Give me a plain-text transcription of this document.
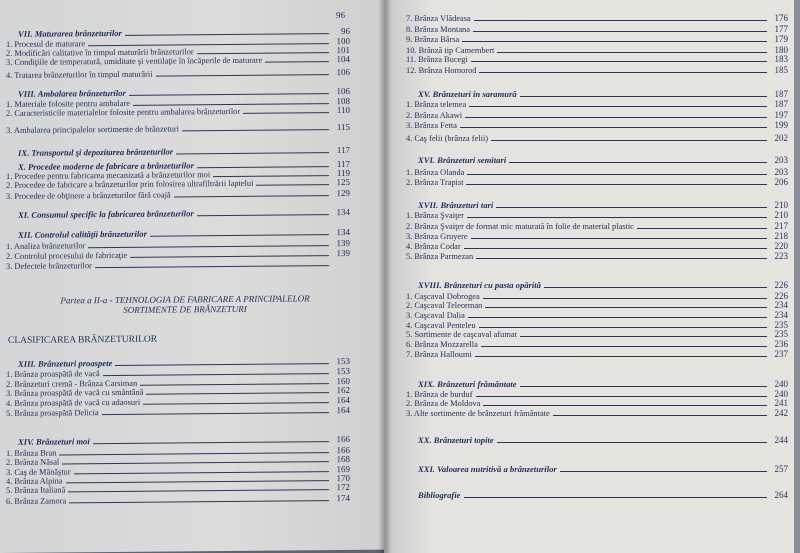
96
VII. Maturarea brânzeturilor	96
1. Procesul de maturare	100
2. Modificări calitative în timpul maturării brânzeturilor	101
3. Condiţiile de temperatură, umiditate şi ventilaţie în încăperile de maturare	104
4. Tratarea brânzeturilor în timpul maturării	106
VIII. Ambalarea brânzeturilor	106
1. Materiale folosite pentru ambalare	108
2. Caracteristicile materialelor folosite pentru ambalarea brânzeturilor	110
3. Ambalarea principalelor sortimente de brânzeturi	115
IX. Transportul şi depozitarea brânzeturilor	117
X. Procedee moderne de fabricare a brânzeturilor	117
1. Procedee pentru fabricarea mecanizată a brânzeturilor moi	119
2. Procedee de fabricare a brânzeturilor prin folosirea ultrafiltrării laptelui	125
3. Procedee de obţinere a brânzeturilor fără coajă	129
XI. Consumul specific la fabricarea brânzeturilor	134
XII. Controlul calităţii brânzeturilor	134
1. Analiza brânzeturilor	139
2. Controlul procesului de fabricaţie	139
3. Defectele brânzeturilor
XIII. Brânzeturi proaspete	153
1. Brânza proaspătă de vacă	153
2. Brânzeturi cremă - Brânza Carsiman	160
3. Brânza proaspătă de vacă cu smântână	162
4. Brânza proaspătă de vacă cu adaosuri	164
5. Brânza proaspătă Delicia	164
XIV. Brânzeturi moi	166
1. Brânza Bran	166
2. Brânza Năsal	168
3. Caş de Mânăştur	169
4. Brânza Alpina	170
5. Brânza Italiană	172
6. Brânza Zamora	174
Partea a II-a - TEHNOLOGIA DE FABRICARE A PRINCIPALELOR
SORTIMENTE DE BRÂNZETURI
CLASIFICAREA BRÂNZETURILOR
7. Brânza Vlădeasa	176
8. Brânza Montana	177
9. Brânza Bârsa	179
10. Brânză tip Camembert	180
11. Brânza Bucegi	183
12. Brânza Homorod	185
XV. Brânzeturi în saramură	187
1. Brânza telemea	187
2. Brânza Akawi	197
3. Brânza Fetta	199
4. Caş felii (brânza felii)	202
XVI. Brânzeturi semitari	203
1. Brânza Olanda	203
2. Brânza Trapist	206
XVII. Brânzeturi tari	210
1. Brânza Şvaiţer	210
2. Brânza Şvaiţer de format mic maturată în folie de material plastic	217
3. Brânza Gruyere	218
4. Brânza Codar	220
5. Brânza Parmezan	223
XVIII. Brânzeturi cu pasta opărită	226
1. Caşcaval Dobrogea	226
2. Caşcaval Teleorman	234
3. Caşcaval Dalia	234
4. Caşcaval Penteleu	235
5. Sortimente de caşcaval afumat	235
6. Brânza Mozzarella	236
7. Brânza Halloumi	237
XIX. Brânzeturi frământate	240
1. Brânza de burduf	240
2. Brânza de Moldova	241
3. Alte sortimente de brânzeturi frământate	242
XX. Brânzeturi topite	244
XXI. Valoarea nutritivă a brânzeturilor	257
Bibliografie	264
